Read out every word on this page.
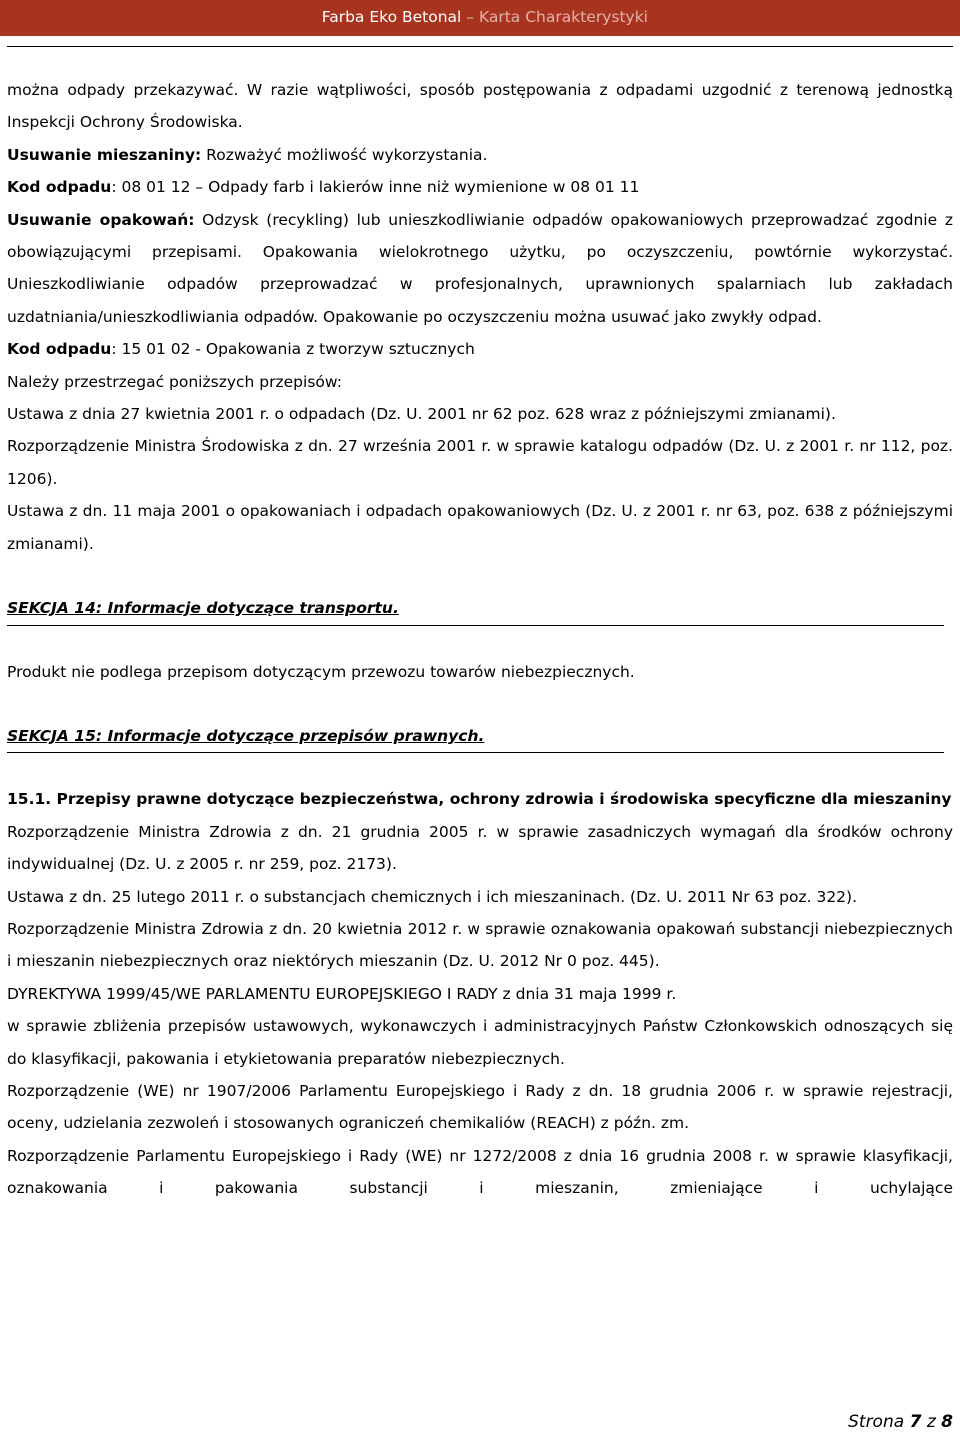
Farba Eko Betonal – Karta Charakterystyki

można odpady przekazywać. W razie wątpliwości, sposób postępowania z odpadami uzgodnić z terenową jednostką Inspekcji Ochrony Środowiska.

Usuwanie mieszaniny: Rozważyć możliwość wykorzystania.

Kod odpadu: 08 01 12 – Odpady farb i lakierów inne niż wymienione w 08 01 11

Usuwanie opakowań: Odzysk (recykling) lub unieszkodliwianie odpadów opakowaniowych przeprowadzać zgodnie z obowiązującymi przepisami. Opakowania wielokrotnego użytku, po oczyszczeniu, powtórnie wykorzystać. Unieszkodliwianie odpadów przeprowadzać w profesjonalnych, uprawnionych spalarniach lub zakładach uzdatniania/unieszkodliwiania odpadów. Opakowanie po oczyszczeniu można usuwać jako zwykły odpad.

Kod odpadu: 15 01 02 - Opakowania z tworzyw sztucznych

Należy przestrzegać poniższych przepisów:

Ustawa z dnia 27 kwietnia 2001 r. o odpadach (Dz. U. 2001 nr 62 poz. 628 wraz z późniejszymi zmianami).

Rozporządzenie Ministra Środowiska z dn. 27 września 2001 r. w sprawie katalogu odpadów (Dz. U. z 2001 r. nr 112, poz. 1206).

Ustawa z dn. 11 maja 2001 o opakowaniach i odpadach opakowaniowych (Dz. U. z 2001 r. nr 63, poz. 638 z późniejszymi zmianami).

SEKCJA 14: Informacje dotyczące transportu.

Produkt nie podlega przepisom dotyczącym przewozu towarów niebezpiecznych.

SEKCJA 15: Informacje dotyczące przepisów prawnych.

15.1. Przepisy prawne dotyczące bezpieczeństwa, ochrony zdrowia i środowiska specyficzne dla mieszaniny

Rozporządzenie Ministra Zdrowia z dn. 21 grudnia 2005 r. w sprawie zasadniczych wymagań dla środków ochrony indywidualnej (Dz. U. z 2005 r. nr 259, poz. 2173).

Ustawa z dn. 25 lutego 2011 r. o substancjach chemicznych i ich mieszaninach. (Dz. U. 2011 Nr 63 poz. 322).

Rozporządzenie Ministra Zdrowia z dn. 20 kwietnia 2012 r. w sprawie oznakowania opakowań substancji niebezpiecznych i mieszanin niebezpiecznych oraz niektórych mieszanin (Dz. U. 2012 Nr 0 poz. 445).

DYREKTYWA 1999/45/WE PARLAMENTU EUROPEJSKIEGO I RADY z dnia 31 maja 1999 r.

w sprawie zbliżenia przepisów ustawowych, wykonawczych i administracyjnych Państw Członkowskich odnoszących się do klasyfikacji, pakowania i etykietowania preparatów niebezpiecznych.

Rozporządzenie (WE) nr 1907/2006 Parlamentu Europejskiego i Rady z dn. 18 grudnia 2006 r. w sprawie rejestracji, oceny, udzielania zezwoleń i stosowanych ograniczeń chemikaliów (REACH) z późn. zm.

Rozporządzenie Parlamentu Europejskiego i Rady (WE) nr 1272/2008 z dnia 16 grudnia 2008 r. w sprawie klasyfikacji, oznakowania i pakowania substancji i mieszanin, zmieniające i uchylające

Strona 7 z 8
